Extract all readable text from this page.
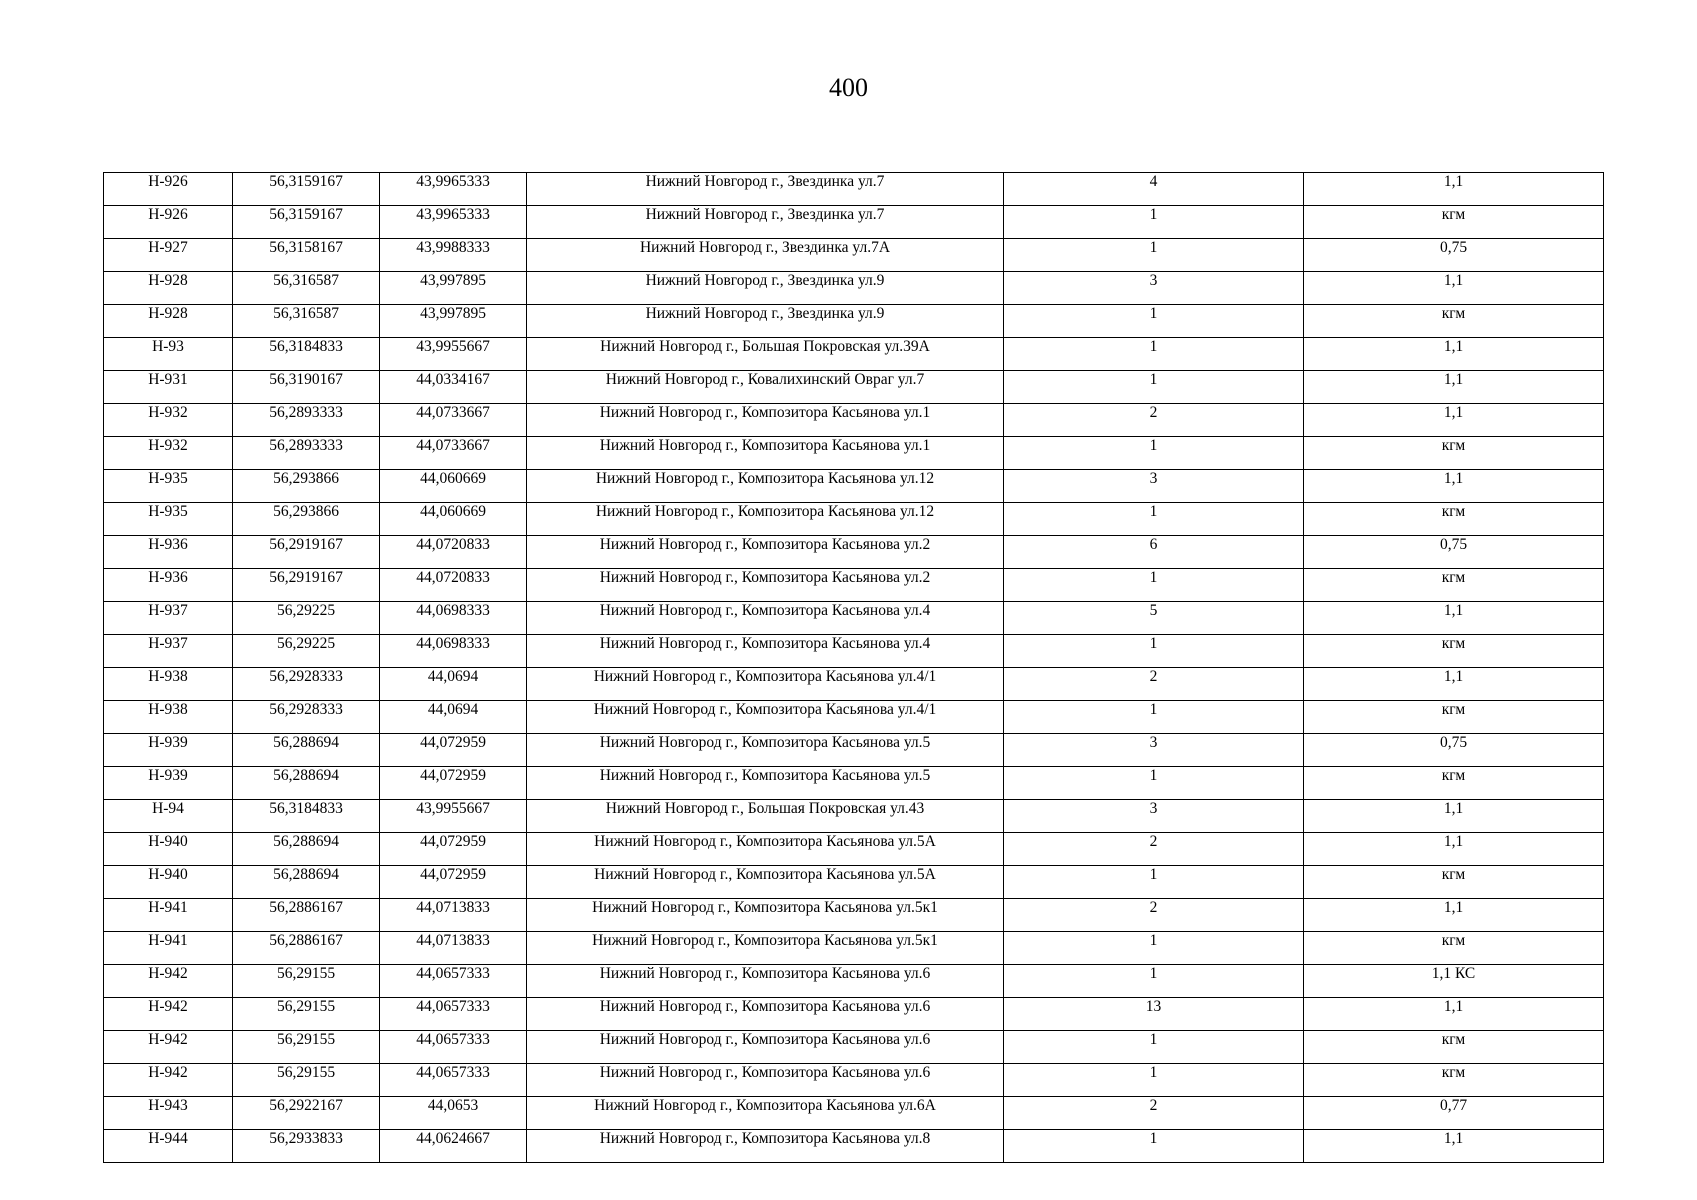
400
Н-926	56,3159167	43,9965333	Нижний Новгород г., Звездинка ул.7	4	1,1
Н-926	56,3159167	43,9965333	Нижний Новгород г., Звездинка ул.7	1	кгм
Н-927	56,3158167	43,9988333	Нижний Новгород г., Звездинка ул.7А	1	0,75
Н-928	56,316587	43,997895	Нижний Новгород г., Звездинка ул.9	3	1,1
Н-928	56,316587	43,997895	Нижний Новгород г., Звездинка ул.9	1	кгм
Н-93	56,3184833	43,9955667	Нижний Новгород г., Большая Покровская ул.39А	1	1,1
Н-931	56,3190167	44,0334167	Нижний Новгород г., Ковалихинский Овраг ул.7	1	1,1
Н-932	56,2893333	44,0733667	Нижний Новгород г., Композитора Касьянова ул.1	2	1,1
Н-932	56,2893333	44,0733667	Нижний Новгород г., Композитора Касьянова ул.1	1	кгм
Н-935	56,293866	44,060669	Нижний Новгород г., Композитора Касьянова ул.12	3	1,1
Н-935	56,293866	44,060669	Нижний Новгород г., Композитора Касьянова ул.12	1	кгм
Н-936	56,2919167	44,0720833	Нижний Новгород г., Композитора Касьянова ул.2	6	0,75
Н-936	56,2919167	44,0720833	Нижний Новгород г., Композитора Касьянова ул.2	1	кгм
Н-937	56,29225	44,0698333	Нижний Новгород г., Композитора Касьянова ул.4	5	1,1
Н-937	56,29225	44,0698333	Нижний Новгород г., Композитора Касьянова ул.4	1	кгм
Н-938	56,2928333	44,0694	Нижний Новгород г., Композитора Касьянова ул.4/1	2	1,1
Н-938	56,2928333	44,0694	Нижний Новгород г., Композитора Касьянова ул.4/1	1	кгм
Н-939	56,288694	44,072959	Нижний Новгород г., Композитора Касьянова ул.5	3	0,75
Н-939	56,288694	44,072959	Нижний Новгород г., Композитора Касьянова ул.5	1	кгм
Н-94	56,3184833	43,9955667	Нижний Новгород г., Большая Покровская ул.43	3	1,1
Н-940	56,288694	44,072959	Нижний Новгород г., Композитора Касьянова ул.5А	2	1,1
Н-940	56,288694	44,072959	Нижний Новгород г., Композитора Касьянова ул.5А	1	кгм
Н-941	56,2886167	44,0713833	Нижний Новгород г., Композитора Касьянова ул.5к1	2	1,1
Н-941	56,2886167	44,0713833	Нижний Новгород г., Композитора Касьянова ул.5к1	1	кгм
Н-942	56,29155	44,0657333	Нижний Новгород г., Композитора Касьянова ул.6	1	1,1 КС
Н-942	56,29155	44,0657333	Нижний Новгород г., Композитора Касьянова ул.6	13	1,1
Н-942	56,29155	44,0657333	Нижний Новгород г., Композитора Касьянова ул.6	1	кгм
Н-942	56,29155	44,0657333	Нижний Новгород г., Композитора Касьянова ул.6	1	кгм
Н-943	56,2922167	44,0653	Нижний Новгород г., Композитора Касьянова ул.6А	2	0,77
Н-944	56,2933833	44,0624667	Нижний Новгород г., Композитора Касьянова ул.8	1	1,1
